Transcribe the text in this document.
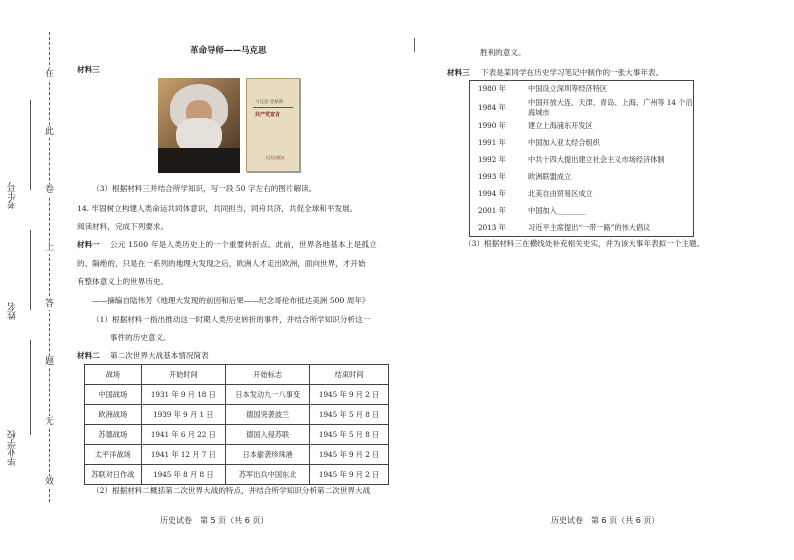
在
此
卷
上
答
题
无
效
考生号
姓名
毕业学校
革命导师——马克思
材料三
马克思 恩格斯
共产党宣言
人民出版社
（3）根据材料三并结合所学知识，写一段 50 字左右的图片解读。
14. 牢固树立构建人类命运共同体意识，共同担当，同舟共济，共促全球和平发展。
阅读材料，完成下列要求。
材料一 公元 1500 年是人类历史上的一个重要转折点。此前，世界各地基本上是孤立
的、隔绝的，只是在一系列的地理大发现之后，欧洲人才走出欧洲，面向世界，才开始
有整体意义上的世界历史。
——摘编自陆伟芳《地理大发现的前因和后果——纪念哥伦布抵达美洲 500 周年》
（1）根据材料一指出推动这一时期人类历史转折的事件，并结合所学知识分析这一
事件的历史意义。
材料二 第二次世界大战基本情况简表
战场	开始时间	开始标志	结束时间
中国战场	1931 年 9 月 18 日	日本发动九一八事变	1945 年 9 月 2 日
欧洲战场	1939 年 9 月 1 日	德国突袭波兰	1945 年 5 月 8 日
苏德战场	1941 年 6 月 22 日	德国入侵苏联	1945 年 5 月 8 日
太平洋战场	1941 年 12 月 7 日	日本偷袭珍珠港	1945 年 9 月 2 日
苏联对日作战	1945 年 8 月 8 日	苏军出兵中国东北	1945 年 9 月 2 日
（2）根据材料二概括第二次世界大战的特点，并结合所学知识分析第二次世界大战
历史试卷　第 5 页（共 6 页）
胜利的意义。
材料三 下表是某同学在历史学习笔记中制作的一张大事年表。
1980 年	中国设立深圳等经济特区
1984 年	中国开放大连、天津、青岛、上海、广州等 14 个沿海城市
1990 年	建立上海浦东开发区
1991 年	中国加入亚太经合组织
1992 年	中共十四大提出建立社会主义市场经济体制
1993 年	欧洲联盟成立
1994 年	北美自由贸易区成立
2001 年	中国加入________
2013 年	习近平主席提出“一带一路”的伟大倡议
（3）根据材料三在横线处补充相关史实，并为该大事年表拟一个主题。
历史试卷　第 6 页（共 6 页）
